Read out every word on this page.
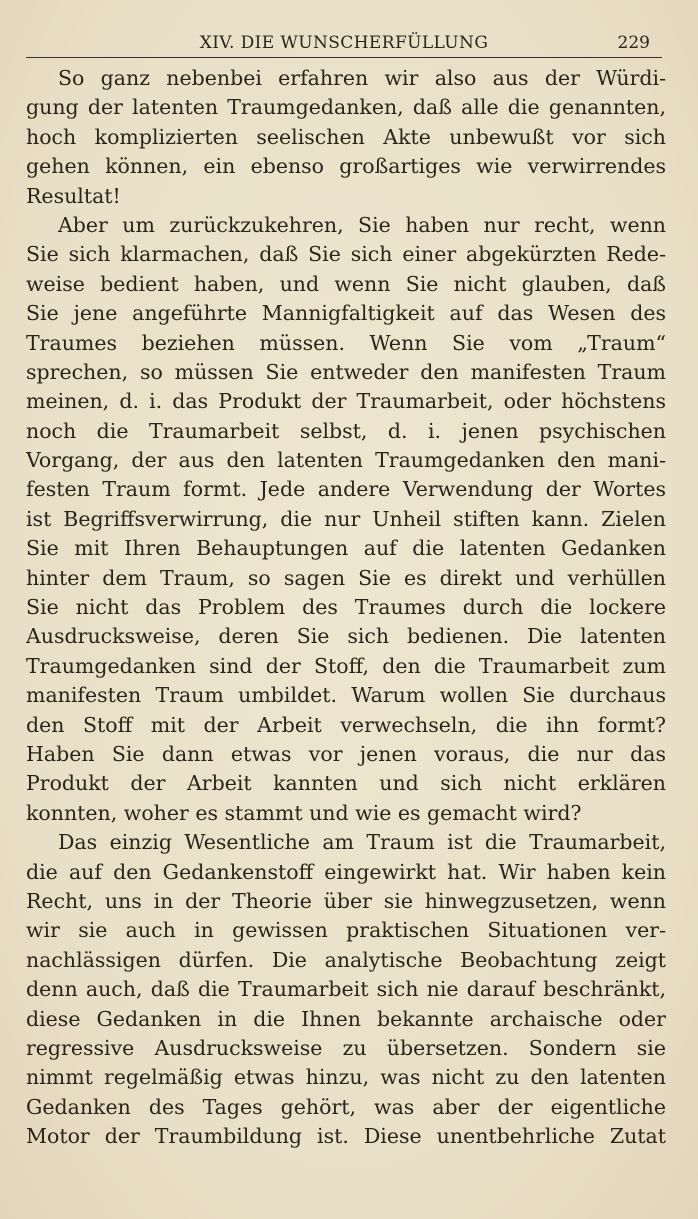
XIV. DIE WUNSCHERFÜLLUNG	229
So ganz nebenbei erfahren wir also aus der Würdi-
gung der latenten Traumgedanken, daß alle die genannten,
hoch komplizierten seelischen Akte unbewußt vor sich
gehen können, ein ebenso großartiges wie verwirrendes
Resultat!
Aber um zurückzukehren, Sie haben nur recht, wenn
Sie sich klarmachen, daß Sie sich einer abgekürzten Rede-
weise bedient haben, und wenn Sie nicht glauben, daß
Sie jene angeführte Mannigfaltigkeit auf das Wesen des
Traumes beziehen müssen. Wenn Sie vom „Traum“
sprechen, so müssen Sie entweder den manifesten Traum
meinen, d. i. das Produkt der Traumarbeit, oder höchstens
noch die Traumarbeit selbst, d. i. jenen psychischen
Vorgang, der aus den latenten Traumgedanken den mani-
festen Traum formt. Jede andere Verwendung der Wortes
ist Begriffsverwirrung, die nur Unheil stiften kann. Zielen
Sie mit Ihren Behauptungen auf die latenten Gedanken
hinter dem Traum, so sagen Sie es direkt und verhüllen
Sie nicht das Problem des Traumes durch die lockere
Ausdrucksweise, deren Sie sich bedienen. Die latenten
Traumgedanken sind der Stoff, den die Traumarbeit zum
manifesten Traum umbildet. Warum wollen Sie durchaus
den Stoff mit der Arbeit verwechseln, die ihn formt?
Haben Sie dann etwas vor jenen voraus, die nur das
Produkt der Arbeit kannten und sich nicht erklären
konnten, woher es stammt und wie es gemacht wird?
Das einzig Wesentliche am Traum ist die Traumarbeit,
die auf den Gedankenstoff eingewirkt hat. Wir haben kein
Recht, uns in der Theorie über sie hinwegzusetzen, wenn
wir sie auch in gewissen praktischen Situationen ver-
nachlässigen dürfen. Die analytische Beobachtung zeigt
denn auch, daß die Traumarbeit sich nie darauf beschränkt,
diese Gedanken in die Ihnen bekannte archaische oder
regressive Ausdrucksweise zu übersetzen. Sondern sie
nimmt regelmäßig etwas hinzu, was nicht zu den latenten
Gedanken des Tages gehört, was aber der eigentliche
Motor der Traumbildung ist. Diese unentbehrliche Zutat
